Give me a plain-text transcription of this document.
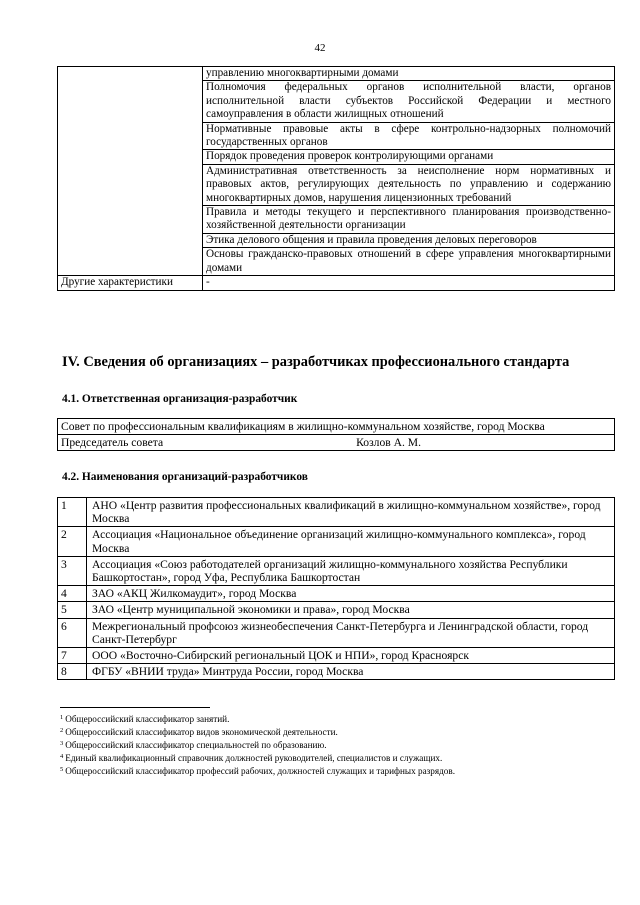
42
	управлению многоквартирными домами
	Полномочия федеральных органов исполнительной власти, органов исполнительной власти субъектов Российской Федерации и местного самоуправления в области жилищных отношений
	Нормативные правовые акты в сфере контрольно-надзорных полномочий государственных органов
	Порядок проведения проверок контролирующими органами
	Административная ответственность за неисполнение норм нормативных и правовых актов, регулирующих деятельность по управлению и содержанию многоквартирных домов, нарушения лицензионных требований
	Правила и методы текущего и перспективного планирования производственно-хозяйственной деятельности организации
	Этика делового общения и правила проведения деловых переговоров
	Основы гражданско-правовых отношений в сфере управления многоквартирными домами
Другие характеристики	-
IV. Сведения об организациях – разработчиках профессионального стандарта
4.1. Ответственная организация-разработчик
Совет по профессиональным квалификациям в жилищно-коммунальном хозяйстве, город Москва
Председатель совета	Козлов А. М.
4.2. Наименования организаций-разработчиков
1	АНО «Центр развития профессиональных квалификаций в жилищно-коммунальном хозяйстве», город Москва
2	Ассоциация «Национальное объединение организаций жилищно-коммунального комплекса», город Москва
3	Ассоциация «Союз работодателей организаций жилищно-коммунального хозяйства Республики Башкортостан», город Уфа, Республика Башкортостан
4	ЗАО «АКЦ Жилкомаудит», город Москва
5	ЗАО «Центр муниципальной экономики и права», город Москва
6	Межрегиональный профсоюз жизнеобеспечения Санкт-Петербурга и Ленинградской области, город Санкт-Петербург
7	ООО «Восточно-Сибирский региональный ЦОК и НПИ», город Красноярск
8	ФГБУ «ВНИИ труда» Минтруда России, город Москва
$^1$ Общероссийский классификатор занятий.
$^2$ Общероссийский классификатор видов экономической деятельности.
$^3$ Общероссийский классификатор специальностей по образованию.
$^4$ Единый квалификационный справочник должностей руководителей, специалистов и служащих.
$^5$ Общероссийский классификатор профессий рабочих, должностей служащих и тарифных разрядов.
